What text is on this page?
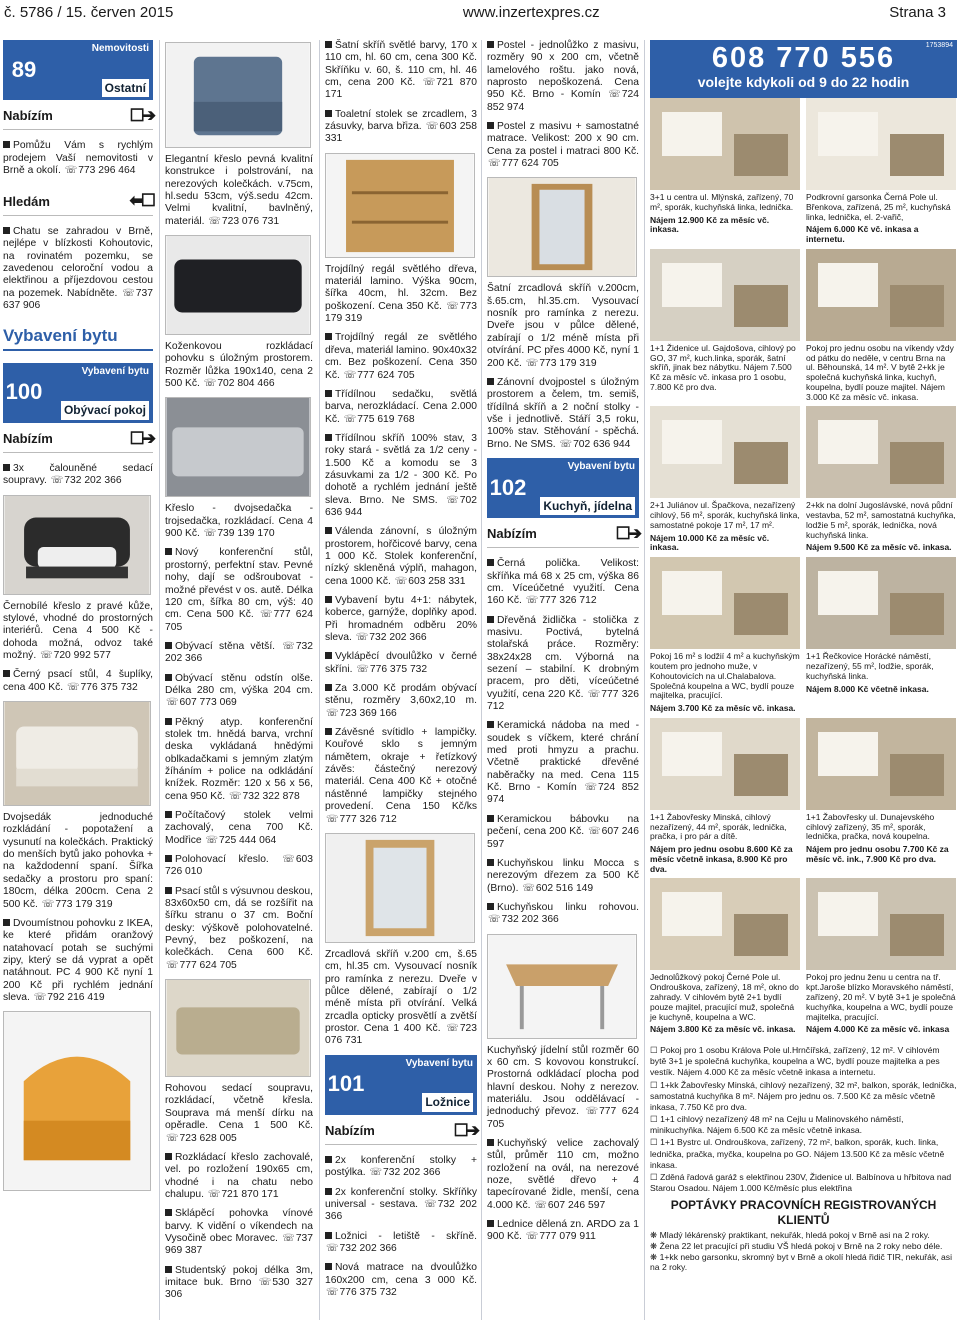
č. 5786 / 15. červen 2015	www.inzertexpres.cz	Strana 3
89
Nemovitosti
Ostatní
Nabízím	☐➔
Pomůžu Vám s rychlým prodejem Vaší nemovitosti v Brně a okolí. ☏ 773 296 464
Hledám	⬅☐
Chatu se zahradou v Brně, nejlépe v blízkosti Kohoutovic, na rovinatém pozemku, se zavedenou celoroční vodou a elektřinou a příjezdovou cestou na pozemek. Nabídněte. ☏ 737 637 906
Vybavení bytu
100
Vybavení bytu
Obývací pokoj
Nabízím	☐➔
3x čalouněné sedací soupravy. ☏ 732 202 366
Černobílé křeslo z pravé kůže, stylové, vhodné do prostorných interiérů. Cena 4 500 Kč - dohoda možná, odvoz také možný. ☏ 720 992 577
Černý psací stůl, 4 šuplíky, cena 400 Kč. ☏ 776 375 732
Dvojsedák jednoduché rozkládání - popotažení a vysunutí na kolečkách. Praktický do menších bytů jako pohovka + na každodenní spaní. Šířka sedačky a prostoru pro spaní: 180cm, délka 200cm. Cena 2 500 Kč. ☏ 773 179 319
Dvoumístnou pohovku z IKEA, ke které přidám oranžový natahovací potah se suchými zipy, který se dá vyprat a opět natáhnout. PC 4 900 Kč nyní 1 200 Kč při rychlém jednání sleva. ☏ 792 216 419
Elegantní křeslo pevná kvalitní konstrukce i polstrování, na nerezových kolečkách. v.75cm, hl.sedu 53cm, výš.sedu 42cm. Velmi kvalitní, bavlněný, materiál. ☏ 723 076 731
Koženkovou rozkládací pohovku s úložným prostorem. Rozměr lůžka 190x140, cena 2 500 Kč. ☏ 702 804 466
Křeslo - dvojsedačka - trojsedačka, rozkládací. Cena 4 900 Kč. ☏ 739 139 170
Nový konferenční stůl, prostorný, perfektní stav. Pevné nohy, dají se odšroubovat - možné převést v os. autě. Délka 120 cm, šířka 80 cm, výš: 40 cm. Cena 500 Kč. ☏ 777 624 705
Obývací stěna větší. ☏ 732 202 366
Obývací stěnu odstín olše. Délka 280 cm, výška 204 cm. ☏ 607 773 069
Pěkný atyp. konferenční stolek tm. hnědá barva, vrchní deska vykládaná hnědými oblkadačkami s jemným zlatým žíháním + police na odkládání knížek. Rozměr: 120 x 56 x 56, cena 950 Kč. ☏ 732 322 878
Počítačový stolek velmi zachovalý, cena 700 Kč. Modřice ☏ 725 444 064
Polohovací křeslo.	☏ 603 726 010
Psací stůl s výsuvnou deskou, 83x60x50 cm, dá se rozšířit na šířku stranu o 37 cm. Boční desky: výškově polohovatelné. Pevný, bez poškození, na kolečkách. Cena 600 Kč. ☏ 777 624 705
Rohovou sedací soupravu, rozkládací, včetně křesla. Souprava má menší dírku na opěradle. Cena 1 500 Kč. ☏ 723 628 005
Rozkládací křeslo zachovalé, vel. po rozložení 190x65 cm, vhodné i na chatu nebo chalupu. ☏ 721 870 171
Sklápěcí pohovka vínové barvy. K vidění o víkendech na Vysočině obec Moravec. ☏ 737 969 387
Studentský pokoj délka 3m, imitace buk. Brno ☏ 530 327 306
Šatní skříň světlé barvy, 170 x 110 cm, hl. 60 cm, cena 300 Kč. Skříňku v. 60, š. 110 cm, hl. 46 cm, cena 200 Kč. ☏ 721 870 171
Toaletní stolek se zrcadlem, 3 zásuvky, barva břiza. ☏ 603 258 331
Trojdílný regál světlého dřeva, materiál lamino. Výška 90cm, šířka 40cm, hl. 32cm. Bez poškození. Cena 350 Kč. ☏ 773 179 319
Trojdílný regál ze světlého dřeva, materiál lamino. 90x40x32 cm. Bez poškození. Cena 350 Kč. ☏ 777 624 705
Třídílnou sedačku, světlá barva, nerozkládací. Cena 2.000 Kč. ☏ 775 619 768
Třídílnou skříň 100% stav, 3 roky stará - světlá za 1/2 ceny - 1.500 Kč a komodu se 3 zásuvkami za 1/2 - 300 Kč. Po dohotě a rychlém jednání ještě sleva. Brno. Ne SMS. ☏ 702 636 944
Válenda zánovní, s úložným prostorem, hořčicové barvy, cena 1 000 Kč. Stolek konferenční, nízký skleněná výplň, mahagon, cena 1000 Kč. ☏ 603 258 331
Vybavení bytu 4+1: nábytek, koberce, garnýže, doplňky apod. Při hromadném odběru 20% sleva. ☏ 732 202 366
Vyklápěcí dvoulůžko v černé skříni. ☏ 776 375 732
Za 3.000 Kč prodám obývací stěnu, rozměry 3,60x2,10 m. ☏ 723 369 166
Závěsné svítidlo + lampičky. Kouřové sklo s jemným námětem, okraje + řetízkový závěs: částečný nerezový materiál. Cena 400 Kč + otočné nástěnné lampičky stejného provedení. Cena 150 Kč/ks ☏ 777 326 712
Zrcadlová skříň v.200 cm, š.65 cm, hl.35 cm. Vysouvací nosník pro ramínka z nerezu. Dveře v půlce dělené, zabírají o 1/2 méně místa při otvírání. Velká zrcadla opticky prosvětlí a zvětší prostor. Cena 1 400 Kč. ☏ 723 076 731
101
Vybavení bytu
Ložnice
Nabízím	☐➔
2x konferenční stolky + postýlka. ☏ 732 202 366
2x konferenční stolky. Skříňky universal - sestava. ☏ 732 202 366
Ložnici - letiště - skříně. ☏ 732 202 366
Nová matrace na dvoulůžko 160x200 cm, cena 3 000 Kč. ☏ 776 375 732
Postel - jednolůžko z masivu, rozměry 90 x 200 cm, včetně lamelového roštu. jako nová, naprosto nepoškozená. Cena 950 Kč. Brno - Komín ☏ 724 852 974
Postel z masivu + samostatné matrace. Velikost: 200 x 90 cm. Cena za postel i matraci 800 Kč. ☏ 777 624 705
Šatní zrcadlová skříň v.200cm, š.65.cm, hl.35.cm. Vysouvací nosník pro ramínka z nerezu. Dveře jsou v půlce dělené, zabírají o 1/2 méně místa při otvírání. PC přes 4000 Kč, nyní 1 200 Kč. ☏ 773 179 319
Zánovní dvojpostel s úložným prostorem a čelem, tm. semiš, třídílná skříň a 2 noční stolky - vše i jednotlivě. Stáří 3,5 roku, 100% stav. Stěhování - spěchá. Brno. Ne SMS. ☏ 702 636 944
102
Vybavení bytu
Kuchyň, jídelna
Nabízím	☐➔
Černá polička. Velikost: skříňka má 68 x 25 cm, výška 86 cm. Víceúčetné využití. Cena 160 Kč. ☏ 777 326 712
Dřevěná židlička - stolička z masivu. Poctivá, bytelná stolařská práce. Rozměry: 38x24x28 cm. Výborná na sezení – stabilní. K drobným pracem, pro děti, víceúčetné využití, cena 220 Kč. ☏ 777 326 712
Keramická nádoba na med - soudek s víčkem, které chrání med proti hmyzu a prachu. Včetně praktické dřevěné naběračky na med. Cena 115 Kč. Brno - Komín ☏ 724 852 974
Keramickou bábovku na pečení, cena 200 Kč. ☏ 607 246 597
Kuchyňskou linku Mocca s nerezovým dřezem za 500 Kč (Brno). ☏ 602 516 149
Kuchyňskou linku rohovou. ☏ 732 202 366
Kuchyňský jídelní stůl rozměr 60 x 60 cm. S kovovou konstrukcí. Prostorná odkládací plocha pod hlavní deskou. Nohy z nerezov. materiálu. Jsou oddělávací - jednoduchý převoz. ☏ 777 624 705
Kuchyňský velice zachovalý stůl, průměr 110 cm, možno rozložení na ovál, na nerezové noze, světlé dřevo + 4 tapecírované židle, menší, cena 4.000 Kč. ☏ 607 246 597
Lednice dělená zn. ARDO za 1 900 Kč. ☏ 777 079 911
1753894
608 770 556
volejte kdykoli od 9 do 22 hodin
3+1 u centra ul. Mlýnská, zařízený, 70 m², sporák, kuchyňská linka, lednička.
Nájem 12.900 Kč za měsíc vč. inkasa.
Podkrovní garsonka Černá Pole ul. Břenkova, zařízená, 25 m², kuchyňská linka, lednička, el. 2-vařič,
Nájem 6.000 Kč vč. inkasa a internetu.
1+1 Židenice ul. Gajdošova, cihlový po GO, 37 m², kuch.linka, sporák, šatní skříň, jinak bez nábytku. Nájem 7.500 Kč za měsíc vč. inkasa pro 1 osobu, 7.800 Kč pro dva.
Pokoj pro jednu osobu na víkendy vždy od pátku do neděle, v centru Brna na ul. Běhounská, 14 m². V bytě 2+kk je společná kuchyňská linka, kuchyň, koupelna, bydlí pouze majitel. Nájem 3.000 Kč za měsíc vč. inkasa.
2+1 Juliánov ul. Špačkova, nezařízený cihlový, 56 m², sporák, kuchyňská linka, samostatné pokoje 17 m², 17 m².
Nájem 10.000 Kč za měsíc vč. inkasa.
2+kk na dolní Jugoslávské, nová půdní vestavba, 52 m², samostatná kuchyňka, lodžie 5 m², sporák, lednička, nová kuchyňská linka.
Nájem 9.500 Kč za měsíc vč. inkasa.
Pokoj 16 m² s lodžií 4 m² a kuchyňským koutem pro jednoho muže, v Kohoutovicích na ul.Chalabalova. Společná koupelna a WC, bydlí pouze majitelka, pracující.
Nájem 3.700 Kč za měsíc vč. inkasa.
1+1 Řečkovice Horácké náměstí, nezařízený, 55 m², lodžie, sporák, kuchyňská linka.
Nájem 8.000 Kč včetně inkasa.
1+1 Žabovřesky Minská, cihlový nezařízený, 44 m², sporák, lednička, pračka, i pro pár a dítě.
Nájem pro jednu osobu 8.600 Kč za měsíc včetně inkasa, 8.900 Kč pro dva.
1+1 Žabovřesky ul. Dunajevského cihlový zařízený, 35 m², sporák, lednička, pračka, nová koupelna.
Nájem pro jednu osobu 7.700 Kč za měsíc vč. ink., 7.900 Kč pro dva.
Jednolůžkový pokoj Černé Pole ul. Ondrouškova, zařízený, 18 m², okno do zahrady. V cihlovém bytě 2+1 bydlí pouze majitel, pracující muž, společná je kuchyně, koupelna a WC.
Nájem 3.800 Kč za měsíc vč. inkasa.
Pokoj pro jednu ženu u centra na tř. kpt.Jaroše blízko Moravského náměstí, zařízený, 20 m². V bytě 3+1 je společná kuchyňka, koupelna a WC, bydlí pouze majitelka, pracující.
Nájem 4.000 Kč za měsíc vč. inkasa
☐ Pokoj pro 1 osobu Králova Pole ul.Hrnčířská, zařízený, 12 m². V cihlovém bytě 3+1 je společná kuchyňka, koupelna a WC, bydlí pouze majitelka a pes vestík. Nájem 4.000 Kč za měsíc včetně inkasa a internetu.
☐ 1+kk Žabovřesky Minská, cihlový nezařízený, 32 m², balkon, sporák, lednička, samostatná kuchyňka 8 m². Nájem pro jednu os. 7.500 Kč za měsíc včetně inkasa, 7.750 Kč pro dva.
☐ 1+1 cihlový nezařízený 48 m² na Cejlu u Malinovského náměstí, minikuchyňka. Nájem 6.500 Kč za měsíc včetně inkasa.
☐ 1+1 Bystrc ul. Ondrouškova, zařízený, 72 m², balkon, sporák, kuch. linka, lednička, pračka, myčka, koupelna po GO. Nájem 13.500 Kč za měsíc včetně inkasa.
☐ Zděná řadová garáž s elektřinou 230V, Židenice ul. Balbínova u hřbitova nad Starou Osadou. Nájem 1.000 Kč/měsíc plus elektřina
POPTÁVKY PRACOVNÍCH REGISTROVANÝCH KLIENTŮ
❋ Mladý lékárenský praktikant, nekuřák, hledá pokoj v Brně asi na 2 roky.
❋ Žena 22 let pracující při studiu VŠ hledá pokoj v Brně na 2 roky nebo déle.
❋ 1+kk nebo garsonku, skromný byt v Brně a okolí hledá řidič TIR, nekuřák, asi na 2 roky.
